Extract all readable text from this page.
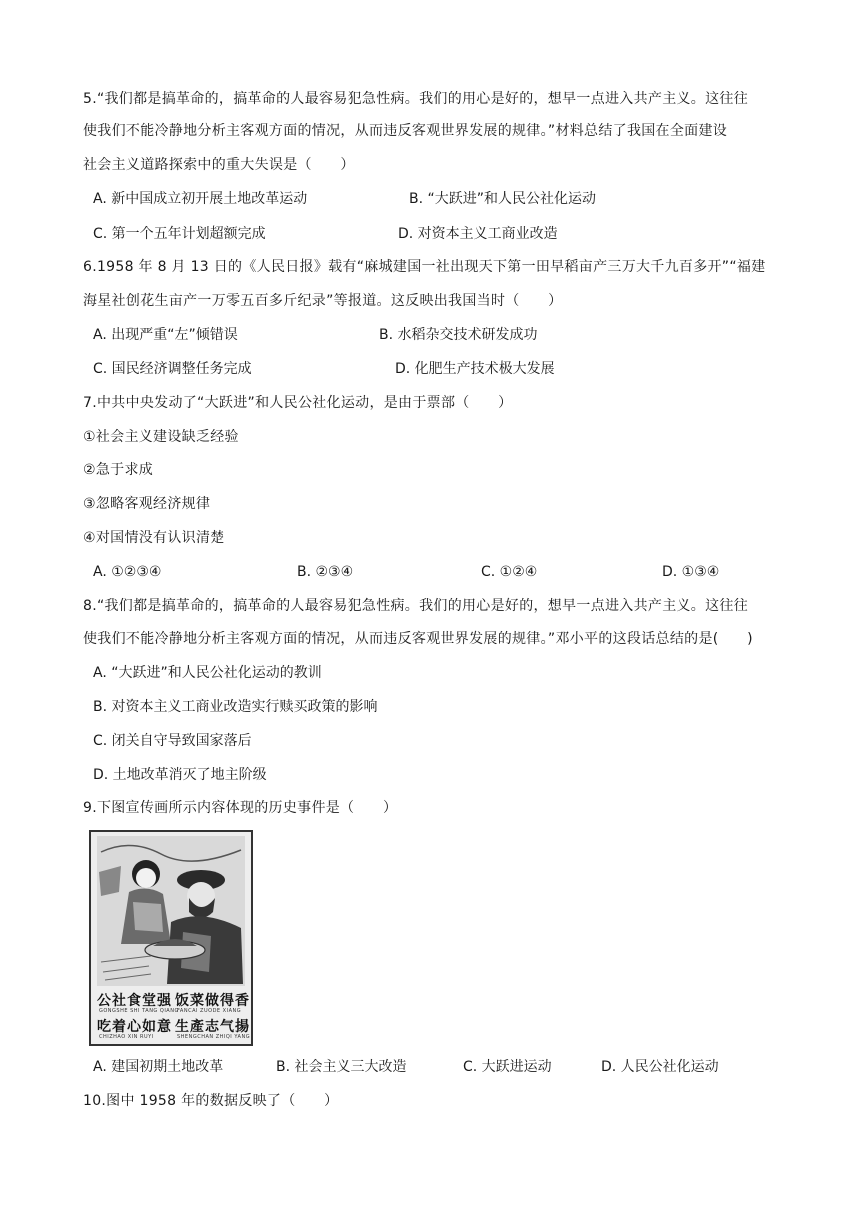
5.“我们都是搞革命的，搞革命的人最容易犯急性病。我们的用心是好的，想早一点进入共产主义。这往往
使我们不能冷静地分析主客观方面的情况，从而违反客观世界发展的规律。”材料总结了我国在全面建设
社会主义道路探索中的重大失误是（　　）
A. 新中国成立初开展土地改革运动	B. “大跃进”和人民公社化运动
C. 第一个五年计划超额完成	D. 对资本主义工商业改造
6.1958 年 8 月 13 日的《人民日报》载有“麻城建国一社出现天下第一田早稻亩产三万大千九百多开”“福建
海星社创花生亩产一万零五百多斤纪录”等报道。这反映出我国当时（　　）
A. 出现严重“左”倾错误	B. 水稻杂交技术研发成功
C. 国民经济调整任务完成	D. 化肥生产技术极大发展
7.中共中央发动了“大跃进”和人民公社化运动，是由于票部（　　）
①社会主义建设缺乏经验
②急于求成
③忽略客观经济规律
④对国情没有认识清楚
A. ①②③④	B. ②③④	C. ①②④	D. ①③④
8.“我们都是搞革命的，搞革命的人最容易犯急性病。我们的用心是好的，想早一点进入共产主义。这往往
使我们不能冷静地分析主客观方面的情况，从而违反客观世界发展的规律。”邓小平的这段话总结的是(　　)
A. “大跃进”和人民公社化运动的教训
B. 对资本主义工商业改造实行赎买政策的影响
C. 闭关自守导致国家落后
D. 土地改革消灭了地主阶级
9.下图宣传画所示内容体现的历史事件是（　　）
公社食堂强 饭菜做得香
GONGSHE SHI TANG QIANG
FANCAI ZUODE XIANG
吃着心如意 生產志气揚
CHIZHAO XIN RUYI	SHENGCHAN ZHIQI YANG
A. 建国初期土地改革	B. 社会主义三大改造	C. 大跃进运动	D. 人民公社化运动
10.图中 1958 年的数据反映了（　　）
